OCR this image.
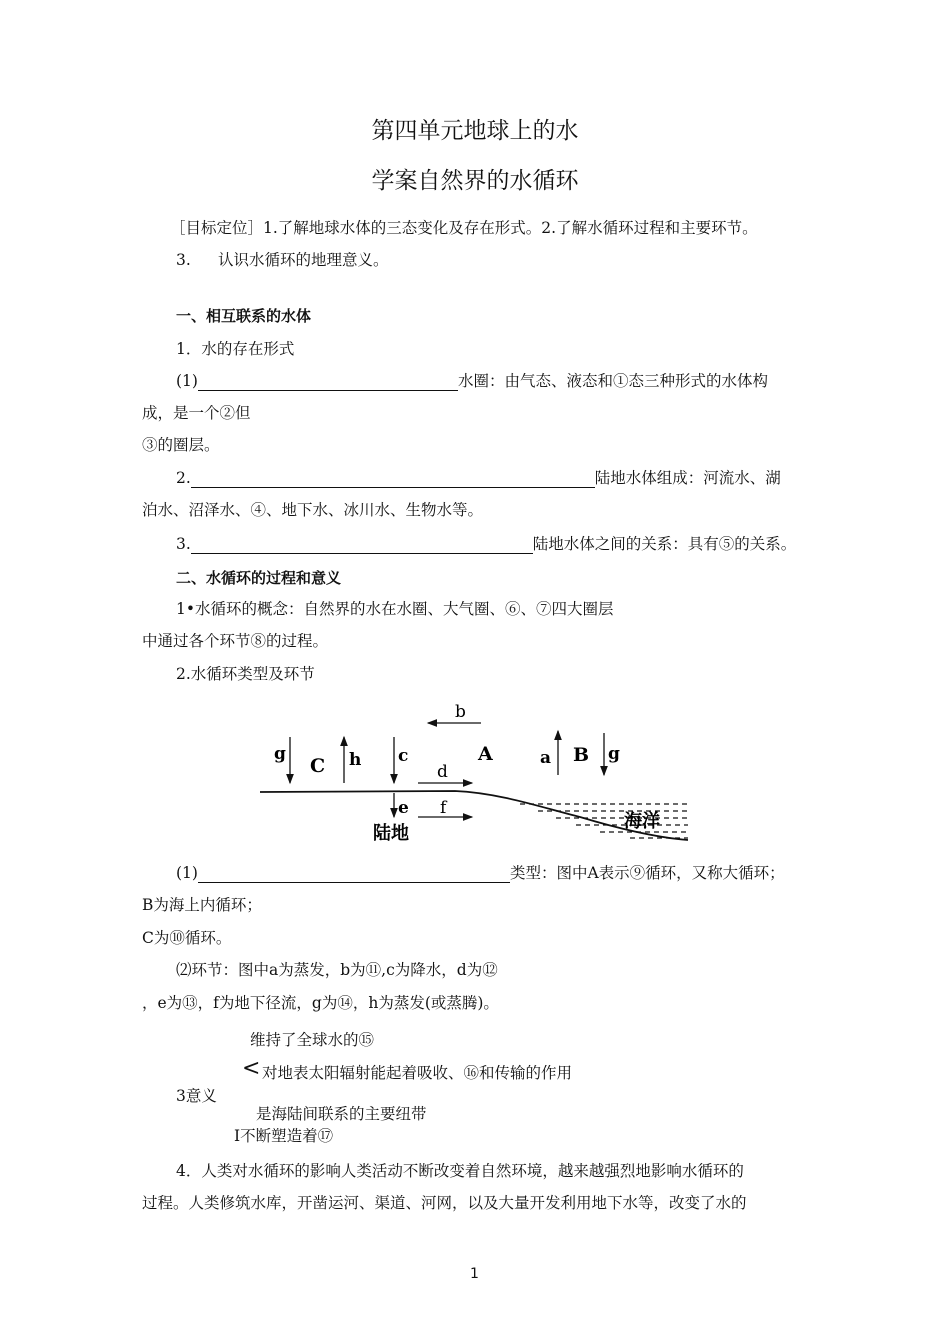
第四单元地球上的水
学案自然界的水循环
［目标定位］1.了解地球水体的三态变化及存在形式。2.了解水循环过程和主要环节。
3. 认识水循环的地理意义。
一、相互联系的水体
1．水的存在形式
(1)	水圈：由气态、液态和①态三种形式的水体构
成，是一个②但
③的圈层。
2.	陆地水体组成：河流水、湖
泊水、沼泽水、④、地下水、冰川水、生物水等。
3.	陆地水体之间的关系：具有⑤的关系。
二、水循环的过程和意义
1•水循环的概念：自然界的水在水圈、大气圈、⑥、⑦四大圈层
中通过各个环节⑧的过程。
2.水循环类型及环节
b
g
C h c	A	a B g
d
e f
陆地
海洋
(1)	类型：图中A表示⑨循环，又称大循环；
B为海上内循环；
C为⑩循环。
⑵环节：图中a为蒸发，b为⑪,c为降水，d为⑫
，e为⑬，f为地下径流，g为⑭，h为蒸发(或蒸腾)。
维持了全球水的⑮
< 对地表太阳辐射能起着吸收、⑯和传输的作用
3意义
是海陆间联系的主要纽带
I不断塑造着⑰
4．人类对水循环的影响人类活动不断改变着自然环境，越来越强烈地影响水循环的
过程。人类修筑水库，开凿运河、渠道、河网，以及大量开发利用地下水等，改变了水的
1
